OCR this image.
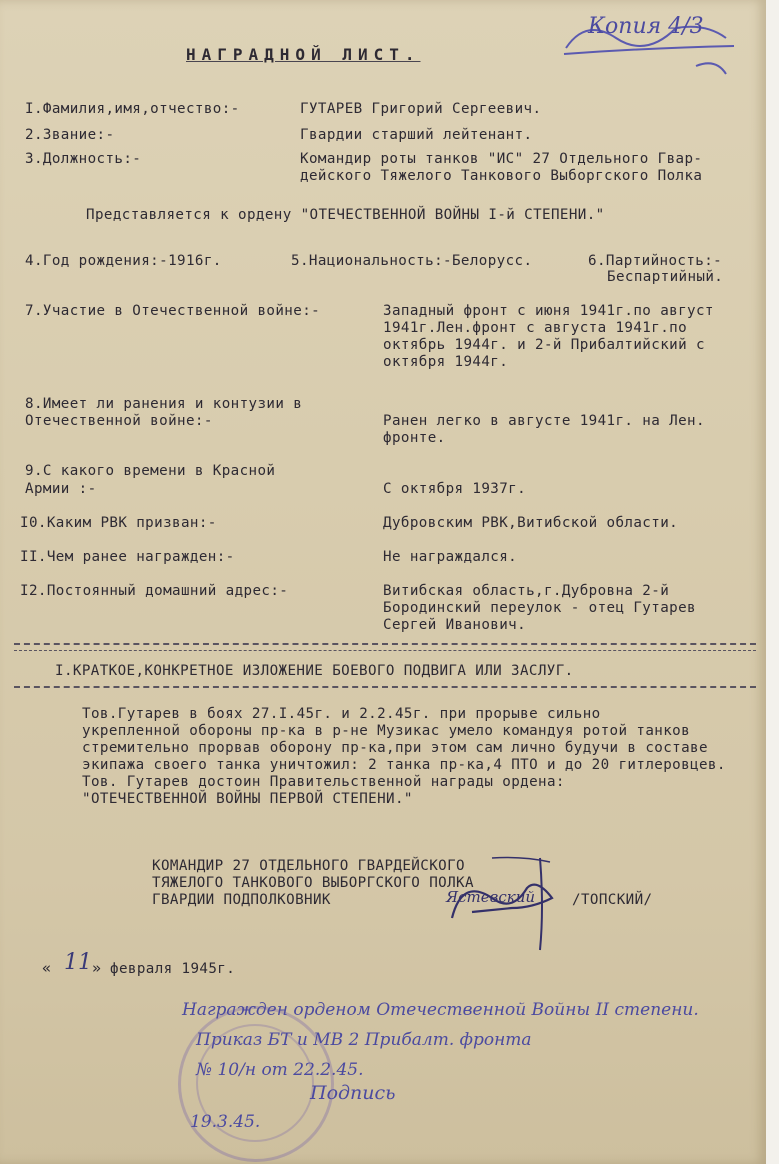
Копия 4/3
НАГРАДНОЙ ЛИСТ.
I.Фамилия,имя,отчество:-	ГУТАРЕВ Григорий Сергеевич.
2.Звание:-	Гвардии старший лейтенант.
3.Должность:-	Командир роты танков "ИС" 27 Отдельного Гвар-
дейского Тяжелого Танкового Выборгского Полка
Представляется к ордену "ОТЕЧЕСТВЕННОЙ ВОЙНЫ I-й СТЕПЕНИ."
4.Год рождения:-1916г.	5.Национальность:-Белорусс.	6.Партийность:-
Беспартийный.
7.Участие в Отечественной войне:-	Западный фронт с июня 1941г.по август
1941г.Лен.фронт с августа 1941г.по
октябрь 1944г. и 2-й Прибалтийский с
октября 1944г.
8.Имеет ли ранения и контузии в
Отечественной войне:-	Ранен легко в августе 1941г. на Лен.
фронте.
9.С какого времени в Красной
Армии :-	С октября 1937г.
I0.Каким РВК призван:-	Дубровским РВК,Витибской области.
II.Чем ранее награжден:-	Не награждался.
I2.Постоянный домашний адрес:-	Витибская область,г.Дубровна 2-й
Бородинский переулок - отец Гутарев
Сергей Иванович.
I.КРАТКОЕ,КОНКРЕТНОЕ ИЗЛОЖЕНИЕ БОЕВОГО ПОДВИГА ИЛИ ЗАСЛУГ.
Тов.Гутарев в боях 27.I.45г. и 2.2.45г. при прорыве сильно
укрепленной обороны пр-ка в р-не Музикас умело командуя ротой танков
стремительно прорвав оборону пр-ка,при этом сам лично будучи в составе
экипажа своего танка уничтожил: 2 танка пр-ка,4 ПТО и до 20 гитлеровцев.
Тов. Гутарев достоин Правительственной награды ордена:
"ОТЕЧЕСТВЕННОЙ ВОЙНЫ ПЕРВОЙ СТЕПЕНИ."
КОМАНДИР 27 ОТДЕЛЬНОГО ГВАРДЕЙСКОГО
ТЯЖЕЛОГО ТАНКОВОГО ВЫБОРГСКОГО ПОЛКА
ГВАРДИИ ПОДПОЛКОВНИК	/ТОПСКИЙ/
Ястевский
« 11 » февраля 1945г.
Награжден орденом Отечественной Войны II степени.
Приказ БТ и МВ 2 Прибалт. фронта
№ 10/н от 22.2.45.
Подпись
19.3.45.
